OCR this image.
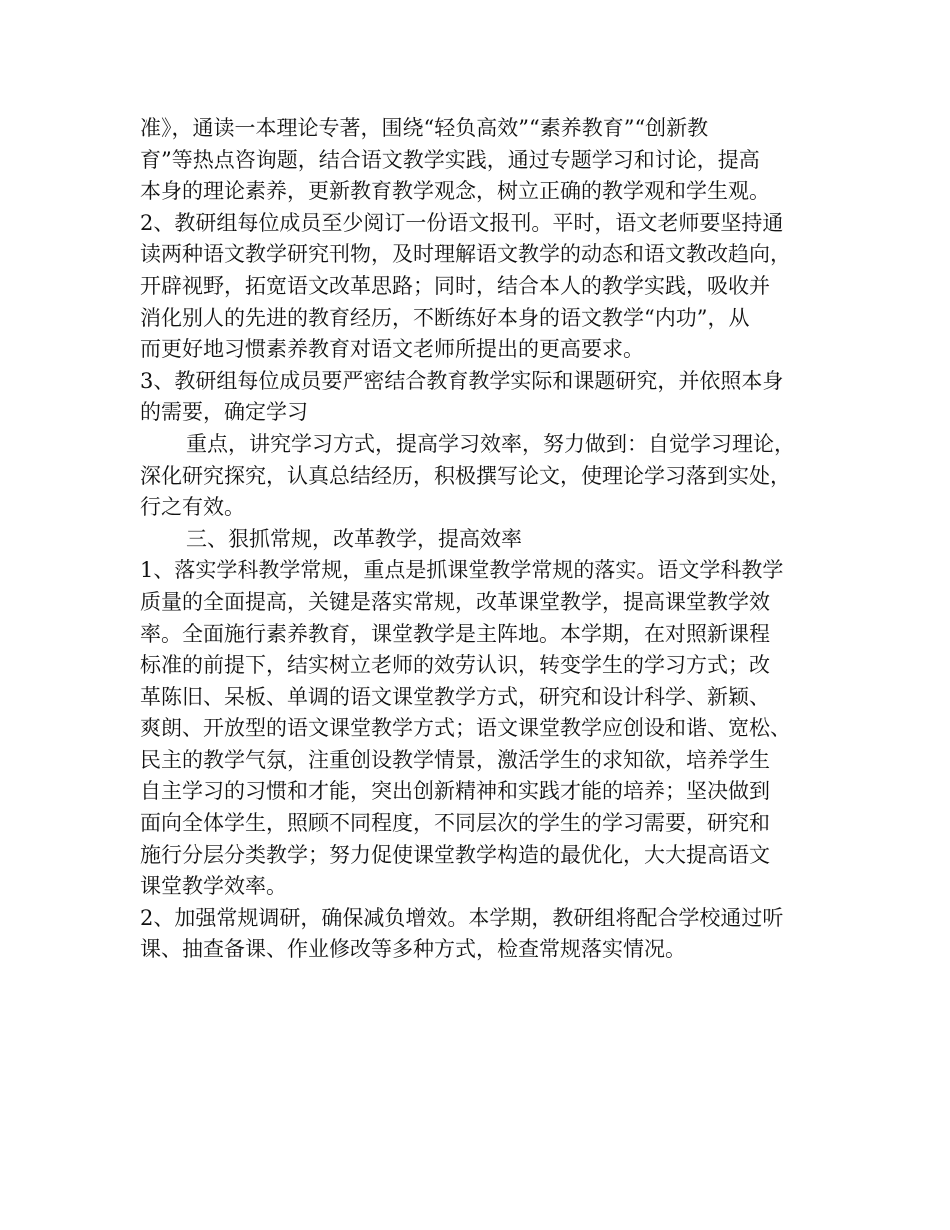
准》，通读一本理论专著，围绕“轻负高效”“素养教育”“创新教
育”等热点咨询题，结合语文教学实践，通过专题学习和讨论，提高
本身的理论素养，更新教育教学观念，树立正确的教学观和学生观。
2、教研组每位成员至少阅订一份语文报刊。平时，语文老师要坚持通
读两种语文教学研究刊物，及时理解语文教学的动态和语文教改趋向，
开辟视野，拓宽语文改革思路；同时，结合本人的教学实践，吸收并
消化别人的先进的教育经历，不断练好本身的语文教学“内功”，从
而更好地习惯素养教育对语文老师所提出的更高要求。
3、教研组每位成员要严密结合教育教学实际和课题研究，并依照本身
的需要，确定学习
重点，讲究学习方式，提高学习效率，努力做到：自觉学习理论，
深化研究探究，认真总结经历，积极撰写论文，使理论学习落到实处，
行之有效。
三、狠抓常规，改革教学，提高效率
1、落实学科教学常规，重点是抓课堂教学常规的落实。语文学科教学
质量的全面提高，关键是落实常规，改革课堂教学，提高课堂教学效
率。全面施行素养教育，课堂教学是主阵地。本学期，在对照新课程
标准的前提下，结实树立老师的效劳认识，转变学生的学习方式；改
革陈旧、呆板、单调的语文课堂教学方式，研究和设计科学、新颖、
爽朗、开放型的语文课堂教学方式；语文课堂教学应创设和谐、宽松、
民主的教学气氛，注重创设教学情景，激活学生的求知欲，培养学生
自主学习的习惯和才能，突出创新精神和实践才能的培养；坚决做到
面向全体学生，照顾不同程度，不同层次的学生的学习需要，研究和
施行分层分类教学；努力促使课堂教学构造的最优化，大大提高语文
课堂教学效率。
2、加强常规调研，确保减负增效。本学期，教研组将配合学校通过听
课、抽查备课、作业修改等多种方式，检查常规落实情况。
